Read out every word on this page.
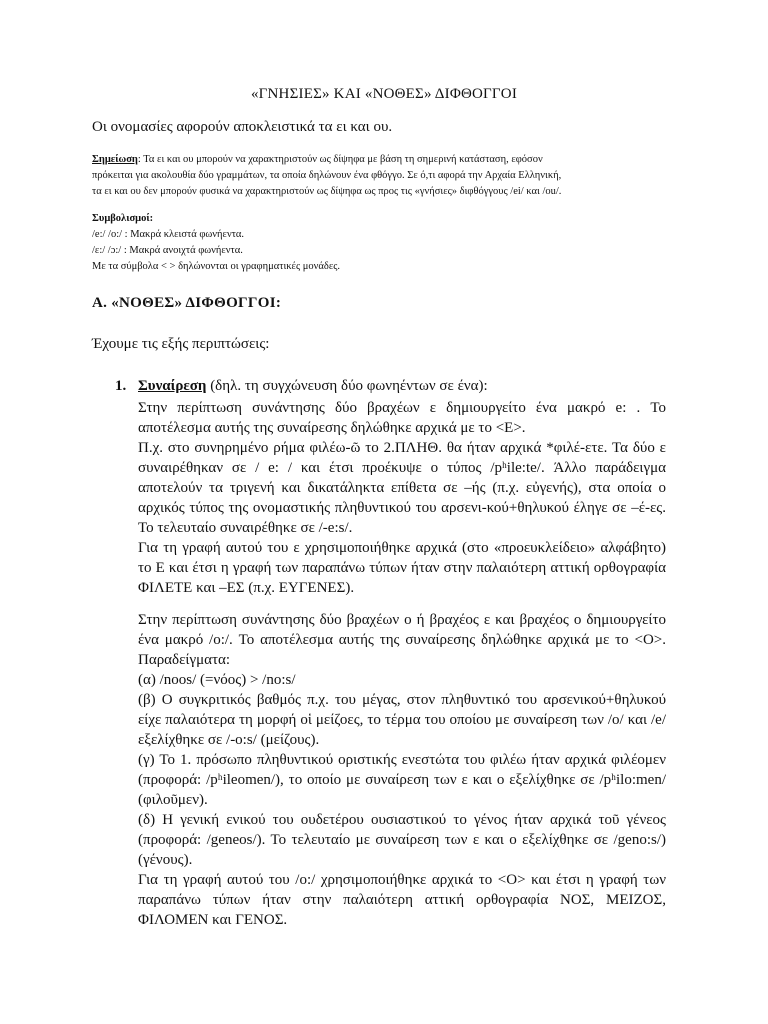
«ΓΝΗΣΙΕΣ» ΚΑΙ «ΝΟΘΕΣ» ΔΙΦΘΟΓΓΟΙ
Οι ονομασίες αφορούν αποκλειστικά τα ει και ου.

Σημείωση: Τα ει και ου μπορούν να χαρακτηριστούν ως δίψηφα με βάση τη σημερινή κατάσταση, εφόσον

πρόκειται για ακολουθία δύο γραμμάτων, τα οποία δηλώνουν ένα φθόγγο. Σε ό,τι αφορά την Αρχαία Ελληνική,

τα ει και ου δεν μπορούν φυσικά να χαρακτηριστούν ως δίψηφα ως προς τις «γνήσιες» διφθόγγους /ei/ και /ou/.

Συμβολισμοί:
/e:/ /o:/ : Μακρά κλειστά φωνήεντα.
/ε:/ /ɔ:/ : Μακρά ανοιχτά φωνήεντα.
Με τα σύμβολα < > δηλώνονται οι γραφηματικές μονάδες.
Α. «ΝΟΘΕΣ» ΔΙΦΘΟΓΓΟΙ:
Έχουμε τις εξής περιπτώσεις:
1. Συναίρεση (δηλ. τη συγχώνευση δύο φωνηέντων σε ένα):

Στην περίπτωση συνάντησης δύο βραχέων ε δημιουργείτο ένα μακρό e: . Το αποτέλεσμα αυτής της συναίρεσης δηλώθηκε αρχικά με το <Ε>.

Π.χ. στο συνηρημένο ρήμα φιλέω-ῶ το 2.ΠΛΗΘ. θα ήταν αρχικά *φιλέ-ετε. Τα δύο ε συναιρέθηκαν σε / e: / και έτσι προέκυψε ο τύπος /pʰile:te/. Άλλο παράδειγμα αποτελούν τα τριγενή και δικατάληκτα επίθετα σε –ής (π.χ. εὐγενής), στα οποία ο αρχικός τύπος της ονομαστικής πληθυντικού του αρσενι-κού+θηλυκού έληγε σε –έ-ες. Το τελευταίο συναιρέθηκε σε /-e:s/.

Για τη γραφή αυτού του ε χρησιμοποιήθηκε αρχικά (στο «προευκλείδειο» αλφάβητο) το Ε και έτσι η γραφή των παραπάνω τύπων ήταν στην παλαιότερη αττική ορθογραφία ΦΙΛΕΤΕ και –ΕΣ (π.χ. ΕΥΓΕΝΕΣ).

Στην περίπτωση συνάντησης δύο βραχέων ο ή βραχέος ε και βραχέος ο δημιουργείτο ένα μακρό /o:/. Το αποτέλεσμα αυτής της συναίρεσης δηλώθηκε αρχικά με το <Ο>. Παραδείγματα:

(α) /noos/ (=νόος) > /no:s/

(β) Ο συγκριτικός βαθμός π.χ. του μέγας, στον πληθυντικό του αρσενικού+θηλυκού είχε παλαιότερα τη μορφή οἱ μείζοες, το τέρμα του οποίου με συναίρεση των /o/ και /e/ εξελίχθηκε σε /-o:s/ (μείζους).

(γ) Το 1. πρόσωπο πληθυντικού οριστικής ενεστώτα του φιλέω ήταν αρχικά φιλέομεν (προφορά: /pʰileomen/), το οποίο με συναίρεση των ε και ο εξελίχθηκε σε /pʰilo:men/ (φιλοῦμεν).

(δ) Η γενική ενικού του ουδετέρου ουσιαστικού το γένος ήταν αρχικά τοῦ γένεος (προφορά: /geneos/). Το τελευταίο με συναίρεση των ε και ο εξελίχθηκε σε /geno:s/) (γένους).

Για τη γραφή αυτού του /o:/ χρησιμοποιήθηκε αρχικά το <Ο> και έτσι η γραφή των παραπάνω τύπων ήταν στην παλαιότερη αττική ορθογραφία ΝΟΣ, ΜΕΙΖΟΣ, ΦΙΛΟΜΕΝ και ΓΕΝΟΣ.
